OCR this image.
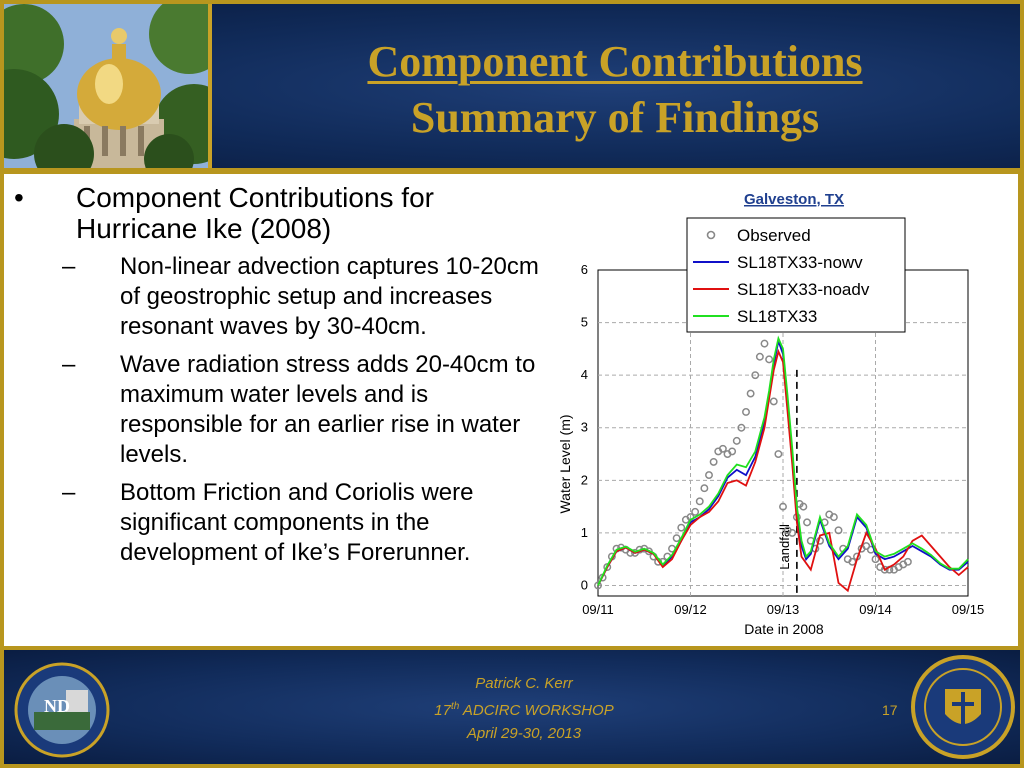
Component Contributions
Summary of Findings
• Component Contributions for Hurricane Ike (2008)
– Non-linear advection captures 10-20cm of geostrophic setup and increases resonant waves by 30-40cm.
– Wave radiation stress adds 20-40cm to maximum water levels and is responsible for an earlier rise in water levels.
– Bottom Friction and Coriolis were significant components in the development of Ike’s Forerunner.
Galveston, TX
09/11	09/12	09/13	09/14	09/15
0
1
2
3
4
5
6
Landfall
Observed
SL18TX33-nowv
SL18TX33-noadv
SL18TX33
Date in 2008
Water Level (m)
ND
Patrick C. Kerr
17th ADCIRC WORKSHOP
April 29-30, 2013
17
